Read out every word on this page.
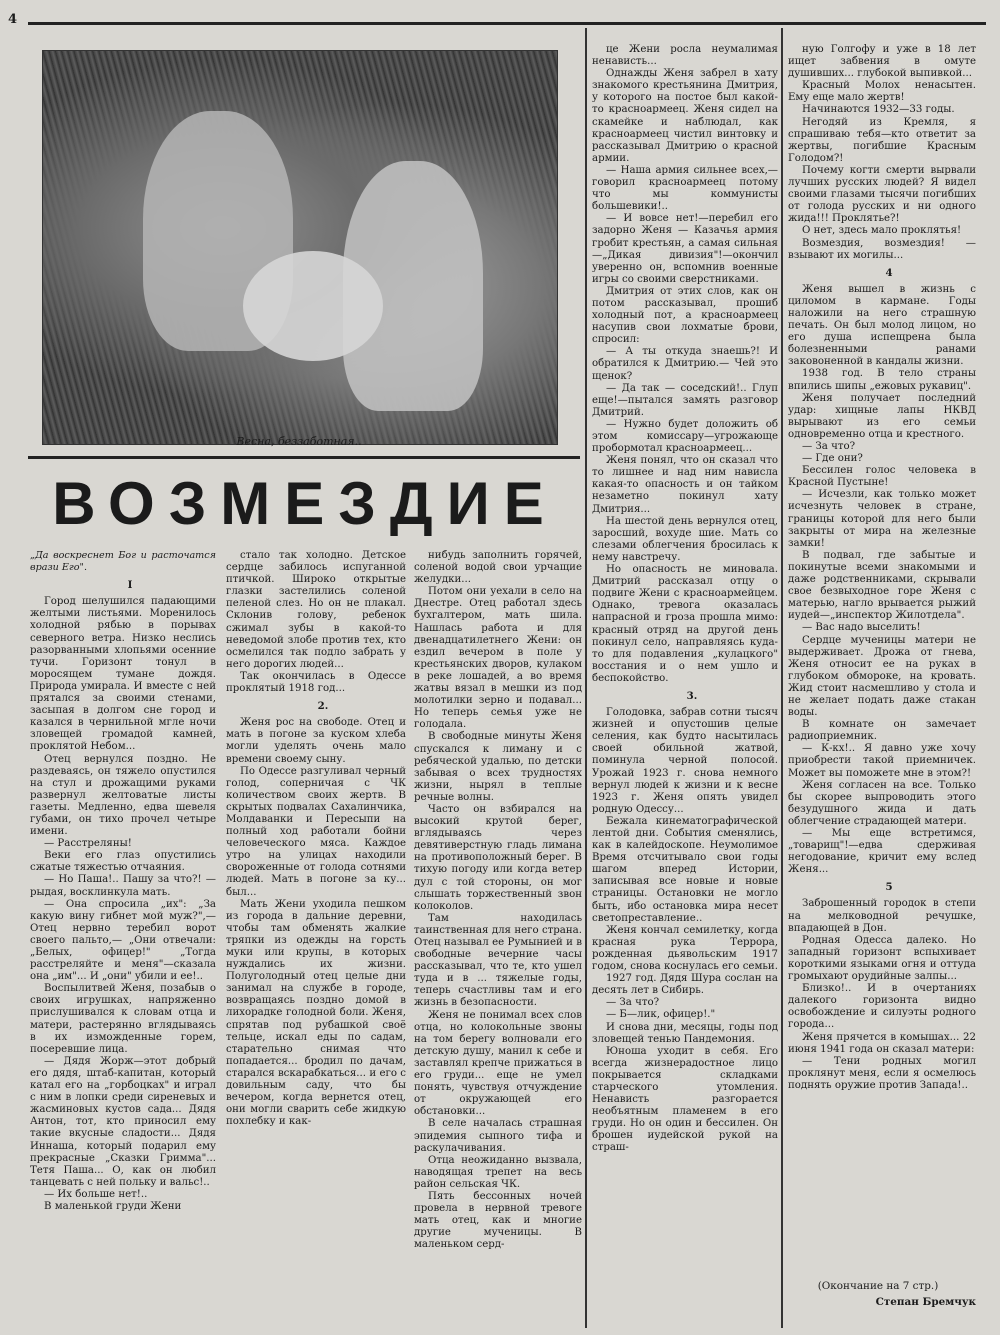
4
Весна, беззаботная..
ВОЗМЕЗДИЕ

„Да воскреснет Бог и расточатся врази Его".

I

Город шелушился падающими желтыми листьями. Моренилось холодной рябью в порывах северного ветра. Низко неслись разорванными хлопьями осенние тучи. Горизонт тонул в моросящем тумане дождя. Природа умирала. И вместе с ней прятался за своими стенами, засыпая в долгом сне город и казался в чернильной мгле ночи зловещей громадой камней, проклятой Небом...

Отец вернулся поздно. Не раздеваясь, он тяжело опустился на стул и дрожащими руками развернул желтоватые листы газеты. Медленно, едва шевеля губами, он тихо прочел четыре имени.

— Расстреляны!

Веки его глаз опустились сжатые тяжестью отчаяния.

— Но Паша!.. Пашу за что?! — рыдая, восклинкула мать.

— Она спросила „их": „За какую вину гибнет мой муж?",— Отец нервно теребил ворот своего пальто,— „Они отвечали: „Белых, офицер!" „Тогда расстреляйте и меня"—сказала она „им"... И „они" убили и ее!..

Воспылитвей Женя, позабыв о своих игрушках, напряженно прислушивался к словам отца и матери, растерянно вглядываясь в их изможденные горем, посеревшие лица.

— Дядя Жорж—этот добрый его дядя, штаб-капитан, который катал его на „горбоцках" и играл с ним в лопки среди сиреневых и жасминовых кустов сада... Дядя Антон, тот, кто приносил ему такие вкусные сладости... Дядя Иннаша, который подарил ему прекрасные „Сказки Гримма"... Тетя Паша... О, как он любил танцевать с ней польку и вальс!..

— Их больше нет!..

В маленькой груди Жени

стало так холодно. Детское сердце забилось испуганной птичкой. Широко открытые глазки застелились соленой пеленой слез. Но он не плакал. Склонив голову, ребенок сжимал зубы в какой-то неведомой злобе против тех, кто осмелился так подло забрать у него дорогих людей...

Так окончилась в Одессе проклятый 1918 год...

2.

Женя рос на свободе. Отец и мать в погоне за куском хлеба могли уделять очень мало времени своему сыну.

По Одессе разгуливал черный голод, соперничая с ЧК количеством своих жертв. В скрытых подвалах Сахалинчика, Молдаванки и Пересыпи на полный ход работали бойни человеческого мяса. Каждое утро на улицах находили свороженные от голода сотнями людей. Мать в погоне за ку... был...

Мать Жени уходила пешком из города в дальние деревни, чтобы там обменять жалкие тряпки из одежды на горсть муки или крупы, в которых нуждались их жизни. Полуголодный отец целые дни занимал на службе в городе, возвращаясь поздно домой в лихорадке голодной боли. Женя, спрятав под рубашкой своё тельце, искал еды по садам, старательно снимая что попадается... бродил по дачам, старался вскарабкаться... и его с довильным саду, что бы вечером, когда вернется отец, они могли сварить себе жидкую похлебку и как-

нибудь заполнить горячей, соленой водой свои урчащие желудки...

Потом они уехали в село на Днестре. Отец работал здесь бухгалтером, мать шила. Нашлась работа и для двенадцатилетнего Жени: он ездил вечером в поле у крестьянских дворов, кулаком в реке лошадей, а во время жатвы вязал в мешки из под молотилки зерно и подавал... Но теперь семья уже не голодала.

В свободные минуты Женя спускался к лиману и с ребяческой удалью, по детски забывая о всех трудностях жизни, нырял в теплые речные волны.

Часто он взбирался на высокий крутой берег, вглядываясь через девятиверстную гладь лимана на противоположный берег. В тихую погоду или когда ветер дул с той стороны, он мог слышать торжественный звон колоколов.

Там находилась таинственная для него страна. Отец называл ее Румынией и в свободные вечерние часы рассказывал, что те, кто ушел туда и в ... тяжелые годы, теперь счастливы там и его жизнь в безопасности.

Женя не понимал всех слов отца, но колокольные звоны на том берегу волновали его детскую душу, манил к себе и заставлял крепче прижаться в его груди... еще не умел понять, чувствуя отчуждение от окружающей его обстановки...

В селе началась страшная эпидемия сыпного тифа и раскулачивания.

Отца неожиданно вызвала, наводящая трепет на весь район сельская ЧК.

Пять бессонных ночей провела в нервной тревоге мать отец, как и многие другие мученицы. В маленьком серд-

це Жени росла неумалимая ненависть...

Однажды Женя забрел в хату знакомого крестьянина Дмитрия, у которого на постое был какой-то красноармеец. Женя сидел на скамейке и наблюдал, как красноармеец чистил винтовку и рассказывал Дмитрию о красной армии.

— Наша армия сильнее всех,—говорил красноармеец потому что мы коммунисты большевики!..

— И вовсе нет!—перебил его задорно Женя — Казачья армия гробит крестьян, а самая сильная—„Дикая дивизия"!—окончил уверенно он, вспомнив военные игры со своими сверстниками.

Дмитрия от этих слов, как он потом рассказывал, прошиб холодный пот, а красноармеец насупив свои лохматые брови, спросил:

— А ты откуда знаешь?! И обратился к Дмитрию.— Чей это щенок?

— Да так — соседский!.. Глуп еще!—пытался замять разговор Дмитрий.

— Нужно будет доложить об этом комиссару—угрожающе пробормотал красноармеец...

Женя понял, что он сказал что то лишнее и над ним нависла какая-то опасность и он тайком незаметно покинул хату Дмитрия...

На шестой день вернулся отец, заросший, вохуде шие. Мать со слезами облегчения бросилась к нему навстречу.

Но опасность не миновала. Дмитрий рассказал отцу о подвиге Жени с красноармейцем. Однако, тревога оказалась напрасной и гроза прошла мимо: красный отряд на другой день покинул село, направляясь куда-то для подавления „кулацкого" восстания и о нем ушло и беспокойство.

3.

Голодовка, забрав сотни тысяч жизней и опустошив целые селения, как будто насытилась своей обильной жатвой, поминула черной полосой. Урожай 1923 г. снова немного вернул людей к жизни и к весне 1923 г. Женя опять увидел родную Одессу...

Бежала кинематографической лентой дни. События сменялись, как в калейдоскопе. Неумолимое Время отсчитывало свои годы шагом вперед Истории, записывая все новые и новые страницы. Остановки не могло быть, ибо остановка мира несет светопреставление..

Женя кончал семилетку, когда красная рука Террора, рожденная дьявольским 1917 годом, снова коснулась его семьи.

1927 год. Дядя Шура сослан на десять лет в Сибирь.

— За что?

— Б—лик, офицер!."

И снова дни, месяцы, годы под зловещей тенью Пандемония.

Юноша уходит в себя. Его всегда жизнерадостное лицо покрывается складками старческого утомления. Ненависть разгорается необъятным пламенем в его груди. Но он один и бессилен. Он брошен иудейской рукой на страш-

ную Голгофу и уже в 18 лет ищет забвения в омуте душивших... глубокой выпивкой...

Красный Молох ненасытен. Ему еще мало жертв!

Начинаются 1932—33 годы.

Негодяй из Кремля, я спрашиваю тебя—кто ответит за жертвы, погибшие Красным Голодом?!

Почему когти смерти вырвали лучших русских людей? Я видел своими глазами тысячи погибших от голода русских и ни одного жида!!! Проклятье?!

О нет, здесь мало проклятья!

Возмездия, возмездия! —взывают их могилы...

4

Женя вышел в жизнь с циломом в кармане. Годы наложили на него страшную печать. Он был молод лицом, но его душа испещрена была болезненными ранами заковоненной в кандалы жизни.

1938 год. В тело страны впились шипы „ежовых рукавиц".

Женя получает последний удар: хищные лапы НКВД вырывают из его семьи одновременно отца и крестного.

— За что?

— Где они?

Бессилен голос человека в Красной Пустыне!

— Исчезли, как только может исчезнуть человек в стране, границы которой для него были закрыты от мира на железные замки!

В подвал, где забытые и покинутые всеми знакомыми и даже родственниками, скрывали свое безвыходное горе Женя с матерью, нагло врывается рыжий иудей—„инспектор Жилотдела".

— Вас надо выселить!

Сердце мученицы матери не выдерживает. Дрожа от гнева, Женя относит ее на руках в глубоком обмороке, на кровать. Жид стоит насмешливо у стола и не желает подать даже стакан воды.

В комнате он замечает радиоприемник.

— К-кх!.. Я давно уже хочу приобрести такой приемничек. Может вы поможете мне в этом?!

Женя согласен на все. Только бы скорее выпроводить этого безудушного жида и дать облегчение страдающей матери.

— Мы еще встретимся, „товарищ"!—едва сдерживая негодование, кричит ему вслед Женя...

5

Заброшенный городок в степи на мелководной речушке, впадающей в Дон.

Родная Одесса далеко. Но западный горизонт вспыхивает короткими языками огня и оттуда громыхают орудийные залпы...

Близко!.. И в очертаниях далекого горизонта видно освобождение и силуэты родного города...

Женя прячется в комышах... 22 июня 1941 года он сказал матери:

— Тени родных могил проклянут меня, если я осмелюсь поднять оружие против Запада!..

(Окончание на 7 стр.)
Степан Бремчук
